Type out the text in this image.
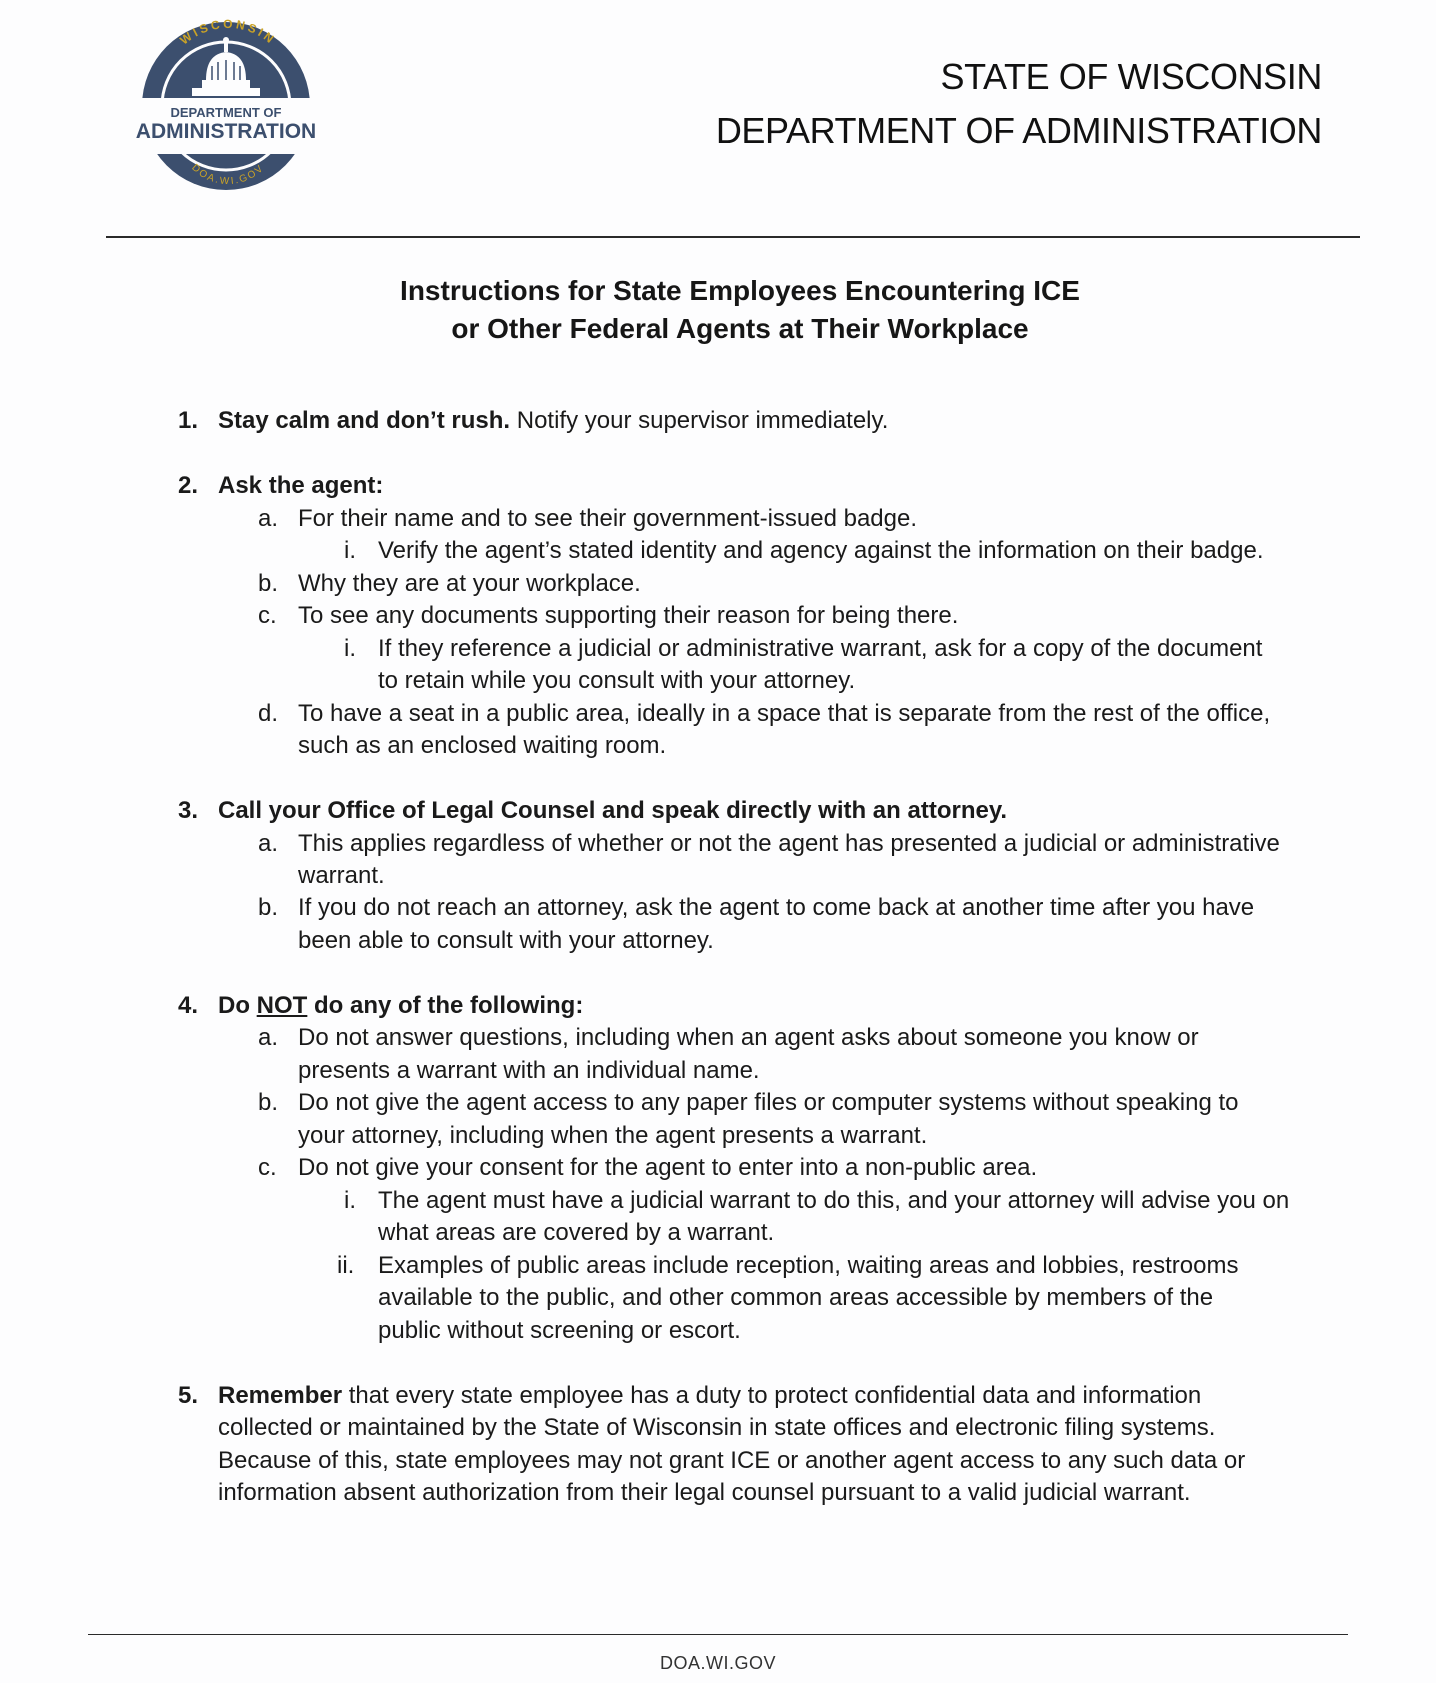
WISCONSIN
DEPARTMENT OF
ADMINISTRATION
DOA.WI.GOV
STATE OF WISCONSIN
DEPARTMENT OF ADMINISTRATION
Instructions for State Employees Encountering ICE
or Other Federal Agents at Their Workplace
1. Stay calm and don’t rush. Notify your supervisor immediately.
2. Ask the agent:
a. For their name and to see their government-issued badge.
i. Verify the agent’s stated identity and agency against the information on their badge.
b. Why they are at your workplace.
c. To see any documents supporting their reason for being there.
i. If they reference a judicial or administrative warrant, ask for a copy of the document
to retain while you consult with your attorney.
d. To have a seat in a public area, ideally in a space that is separate from the rest of the office,
such as an enclosed waiting room.
3. Call your Office of Legal Counsel and speak directly with an attorney.
a. This applies regardless of whether or not the agent has presented a judicial or administrative
warrant.
b. If you do not reach an attorney, ask the agent to come back at another time after you have
been able to consult with your attorney.
4. Do NOT do any of the following:
a. Do not answer questions, including when an agent asks about someone you know or
presents a warrant with an individual name.
b. Do not give the agent access to any paper files or computer systems without speaking to
your attorney, including when the agent presents a warrant.
c. Do not give your consent for the agent to enter into a non-public area.
i. The agent must have a judicial warrant to do this, and your attorney will advise you on
what areas are covered by a warrant.
ii. Examples of public areas include reception, waiting areas and lobbies, restrooms
available to the public, and other common areas accessible by members of the
public without screening or escort.
5. Remember that every state employee has a duty to protect confidential data and information
collected or maintained by the State of Wisconsin in state offices and electronic filing systems.
Because of this, state employees may not grant ICE or another agent access to any such data or
information absent authorization from their legal counsel pursuant to a valid judicial warrant.
DOA.WI.GOV
